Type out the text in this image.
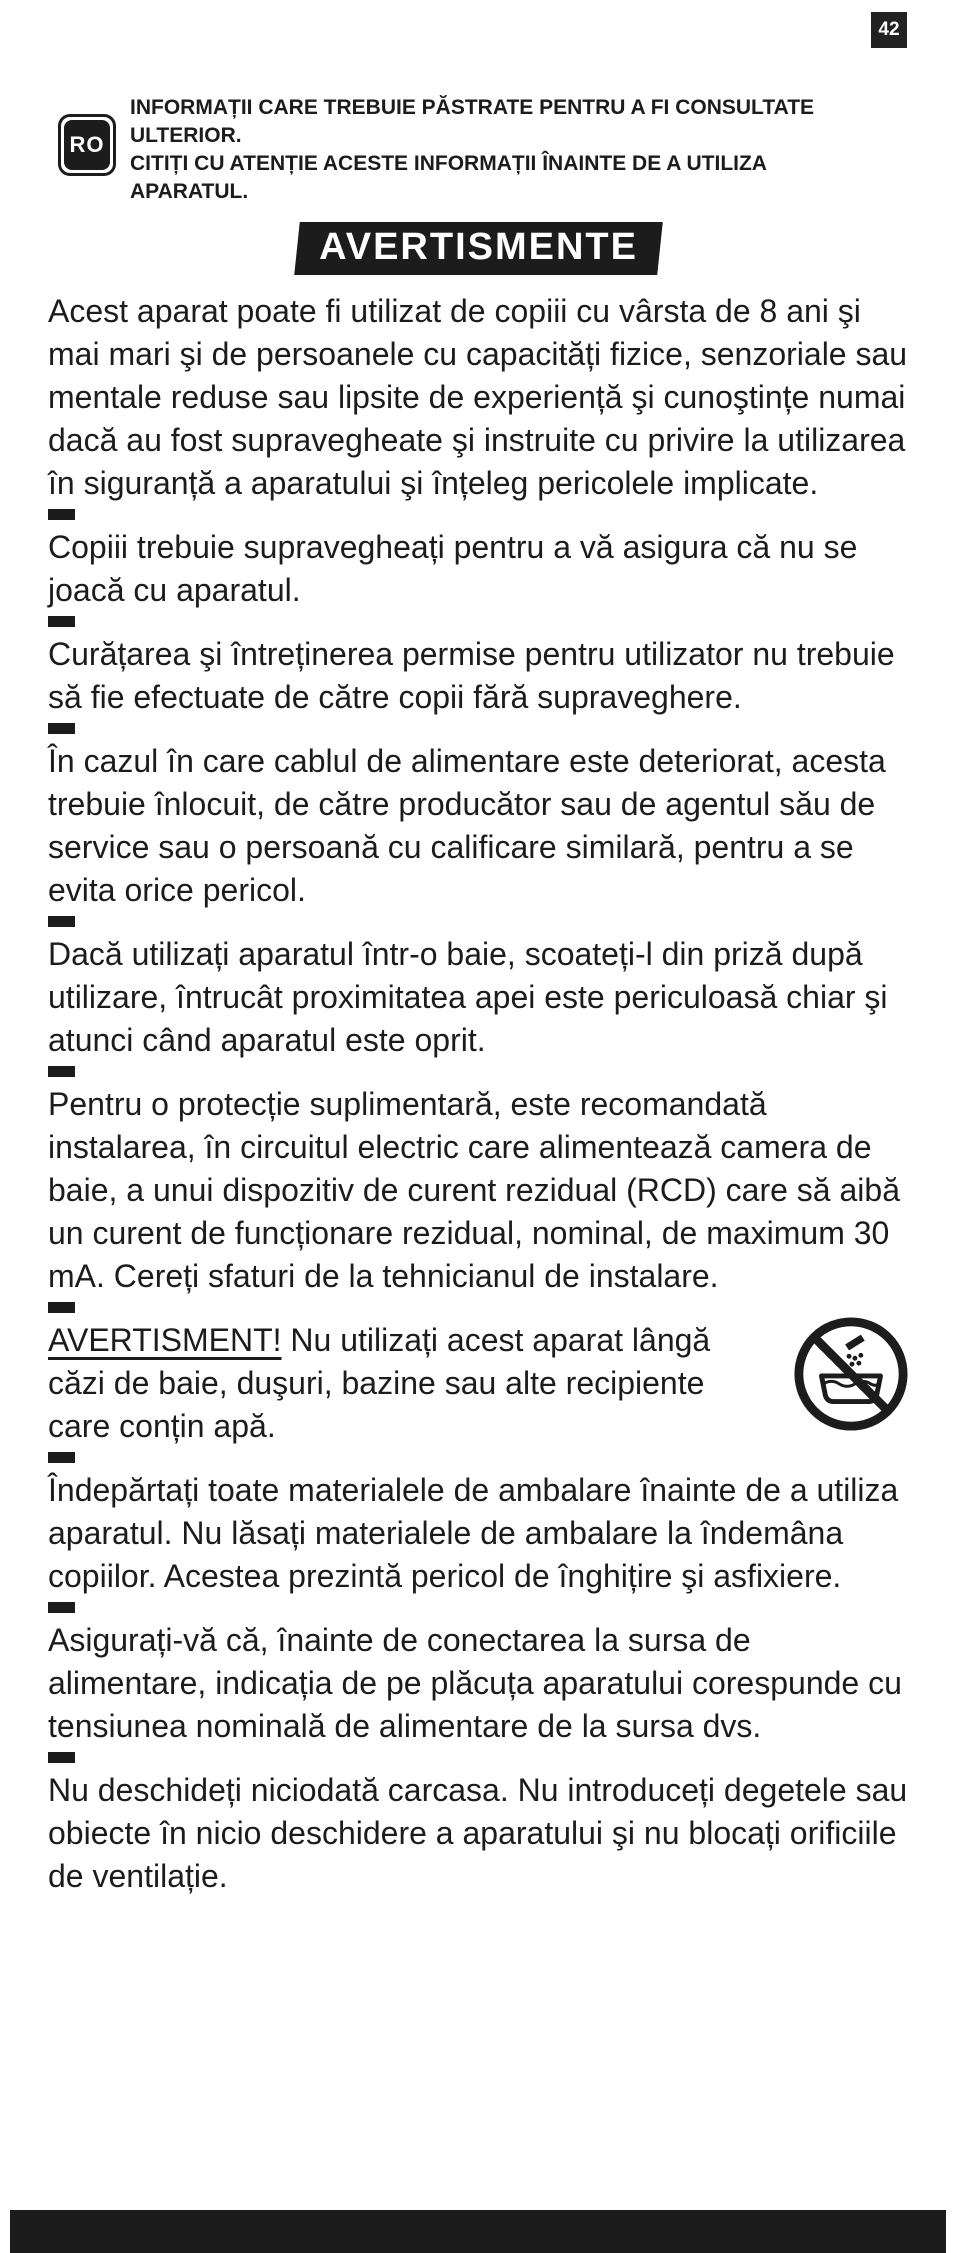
42
RO

INFORMAȚII CARE TREBUIE PĂSTRATE PENTRU A FI CONSULTATE ULTERIOR.

CITIȚI CU ATENȚIE ACESTE INFORMAȚII ÎNAINTE DE A UTILIZA APARATUL.

AVERTISMENTE

Acest aparat poate fi utilizat de copiii cu vârsta de 8 ani şi mai mari şi de persoanele cu capacități fizice, senzoriale sau mentale reduse sau lipsite de experiență şi cunoştințe numai dacă au fost supravegheate şi instruite cu privire la utilizarea în siguranță a aparatului şi înțeleg pericolele implicate.

Copiii trebuie supravegheați pentru a vă asigura că nu se joacă cu aparatul.

Curățarea şi întreținerea permise pentru utilizator nu trebuie să fie efectuate de către copii fără supraveghere.

În cazul în care cablul de alimentare este deteriorat, acesta trebuie înlocuit, de către producător sau de agentul său de service sau o persoană cu calificare similară, pentru a se evita orice pericol.

Dacă utilizați aparatul într-o baie, scoateți-l din priză după utilizare, întrucât proximitatea apei este periculoasă chiar şi atunci când aparatul este oprit.

Pentru o protecție suplimentară, este recomandată instalarea, în circuitul electric care alimentează camera de baie, a unui dispozitiv de curent rezidual (RCD) care să aibă un curent de funcționare rezidual, nominal, de maximum 30 mA. Cereți sfaturi de la tehnicianul de instalare.

AVERTISMENT! Nu utilizați acest aparat lângă căzi de baie, duşuri, bazine sau alte recipiente care conțin apă.

Îndepărtați toate materialele de ambalare înainte de a utiliza aparatul. Nu lăsați materialele de ambalare la îndemâna copiilor. Acestea prezintă pericol de înghițire şi asfixiere.

Asigurați-vă că, înainte de conectarea la sursa de alimentare, indicația de pe plăcuța aparatului corespunde cu tensiunea nominală de alimentare de la sursa dvs.

Nu deschideți niciodată carcasa. Nu introduceți degetele sau obiecte în nicio deschidere a aparatului şi nu blocați orificiile de ventilație.
